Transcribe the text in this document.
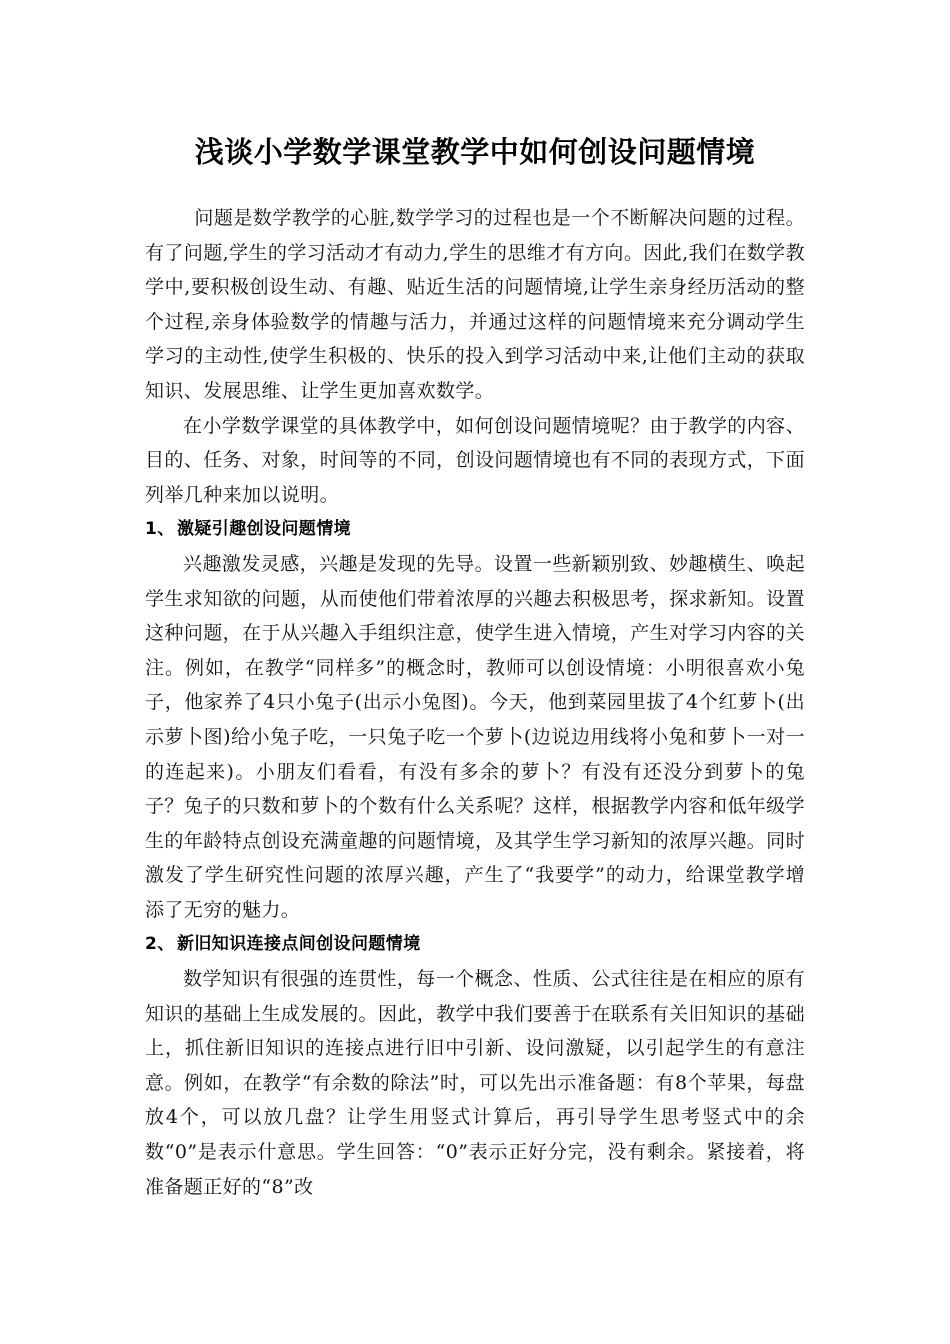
浅谈小学数学课堂教学中如何创设问题情境

问题是数学教学的心脏,数学学习的过程也是一个不断解决问题的过程。有了问题,学生的学习活动才有动力,学生的思维才有方向。因此,我们在数学教学中,要积极创设生动、有趣、贴近生活的问题情境,让学生亲身经历活动的整个过程,亲身体验数学的情趣与活力，并通过这样的问题情境来充分调动学生学习的主动性,使学生积极的、快乐的投入到学习活动中来,让他们主动的获取知识、发展思维、让学生更加喜欢数学。

在小学数学课堂的具体教学中，如何创设问题情境呢？由于教学的内容、目的、任务、对象，时间等的不同，创设问题情境也有不同的表现方式，下面列举几种来加以说明。

1、 激疑引趣创设问题情境

兴趣激发灵感，兴趣是发现的先导。设置一些新颖别致、妙趣横生、唤起学生求知欲的问题，从而使他们带着浓厚的兴趣去积极思考，探求新知。设置这种问题，在于从兴趣入手组织注意，使学生进入情境，产生对学习内容的关注。例如，在教学“同样多”的概念时，教师可以创设情境：小明很喜欢小兔子，他家养了4只小兔子(出示小兔图)。今天，他到菜园里拔了4个红萝卜(出示萝卜图)给小兔子吃，一只兔子吃一个萝卜(边说边用线将小兔和萝卜一对一的连起来)。小朋友们看看，有没有多余的萝卜？有没有还没分到萝卜的兔子？兔子的只数和萝卜的个数有什么关系呢？这样，根据教学内容和低年级学生的年龄特点创设充满童趣的问题情境，及其学生学习新知的浓厚兴趣。同时激发了学生研究性问题的浓厚兴趣，产生了“我要学”的动力，给课堂教学增添了无穷的魅力。

2、 新旧知识连接点间创设问题情境

数学知识有很强的连贯性，每一个概念、性质、公式往往是在相应的原有知识的基础上生成发展的。因此，教学中我们要善于在联系有关旧知识的基础上，抓住新旧知识的连接点进行旧中引新、设问激疑，以引起学生的有意注意。例如，在教学“有余数的除法”时，可以先出示准备题：有8个苹果，每盘放4个，可以放几盘？让学生用竖式计算后，再引导学生思考竖式中的余数“0”是表示什意思。学生回答：“0”表示正好分完，没有剩余。紧接着，将准备题正好的“8”改
